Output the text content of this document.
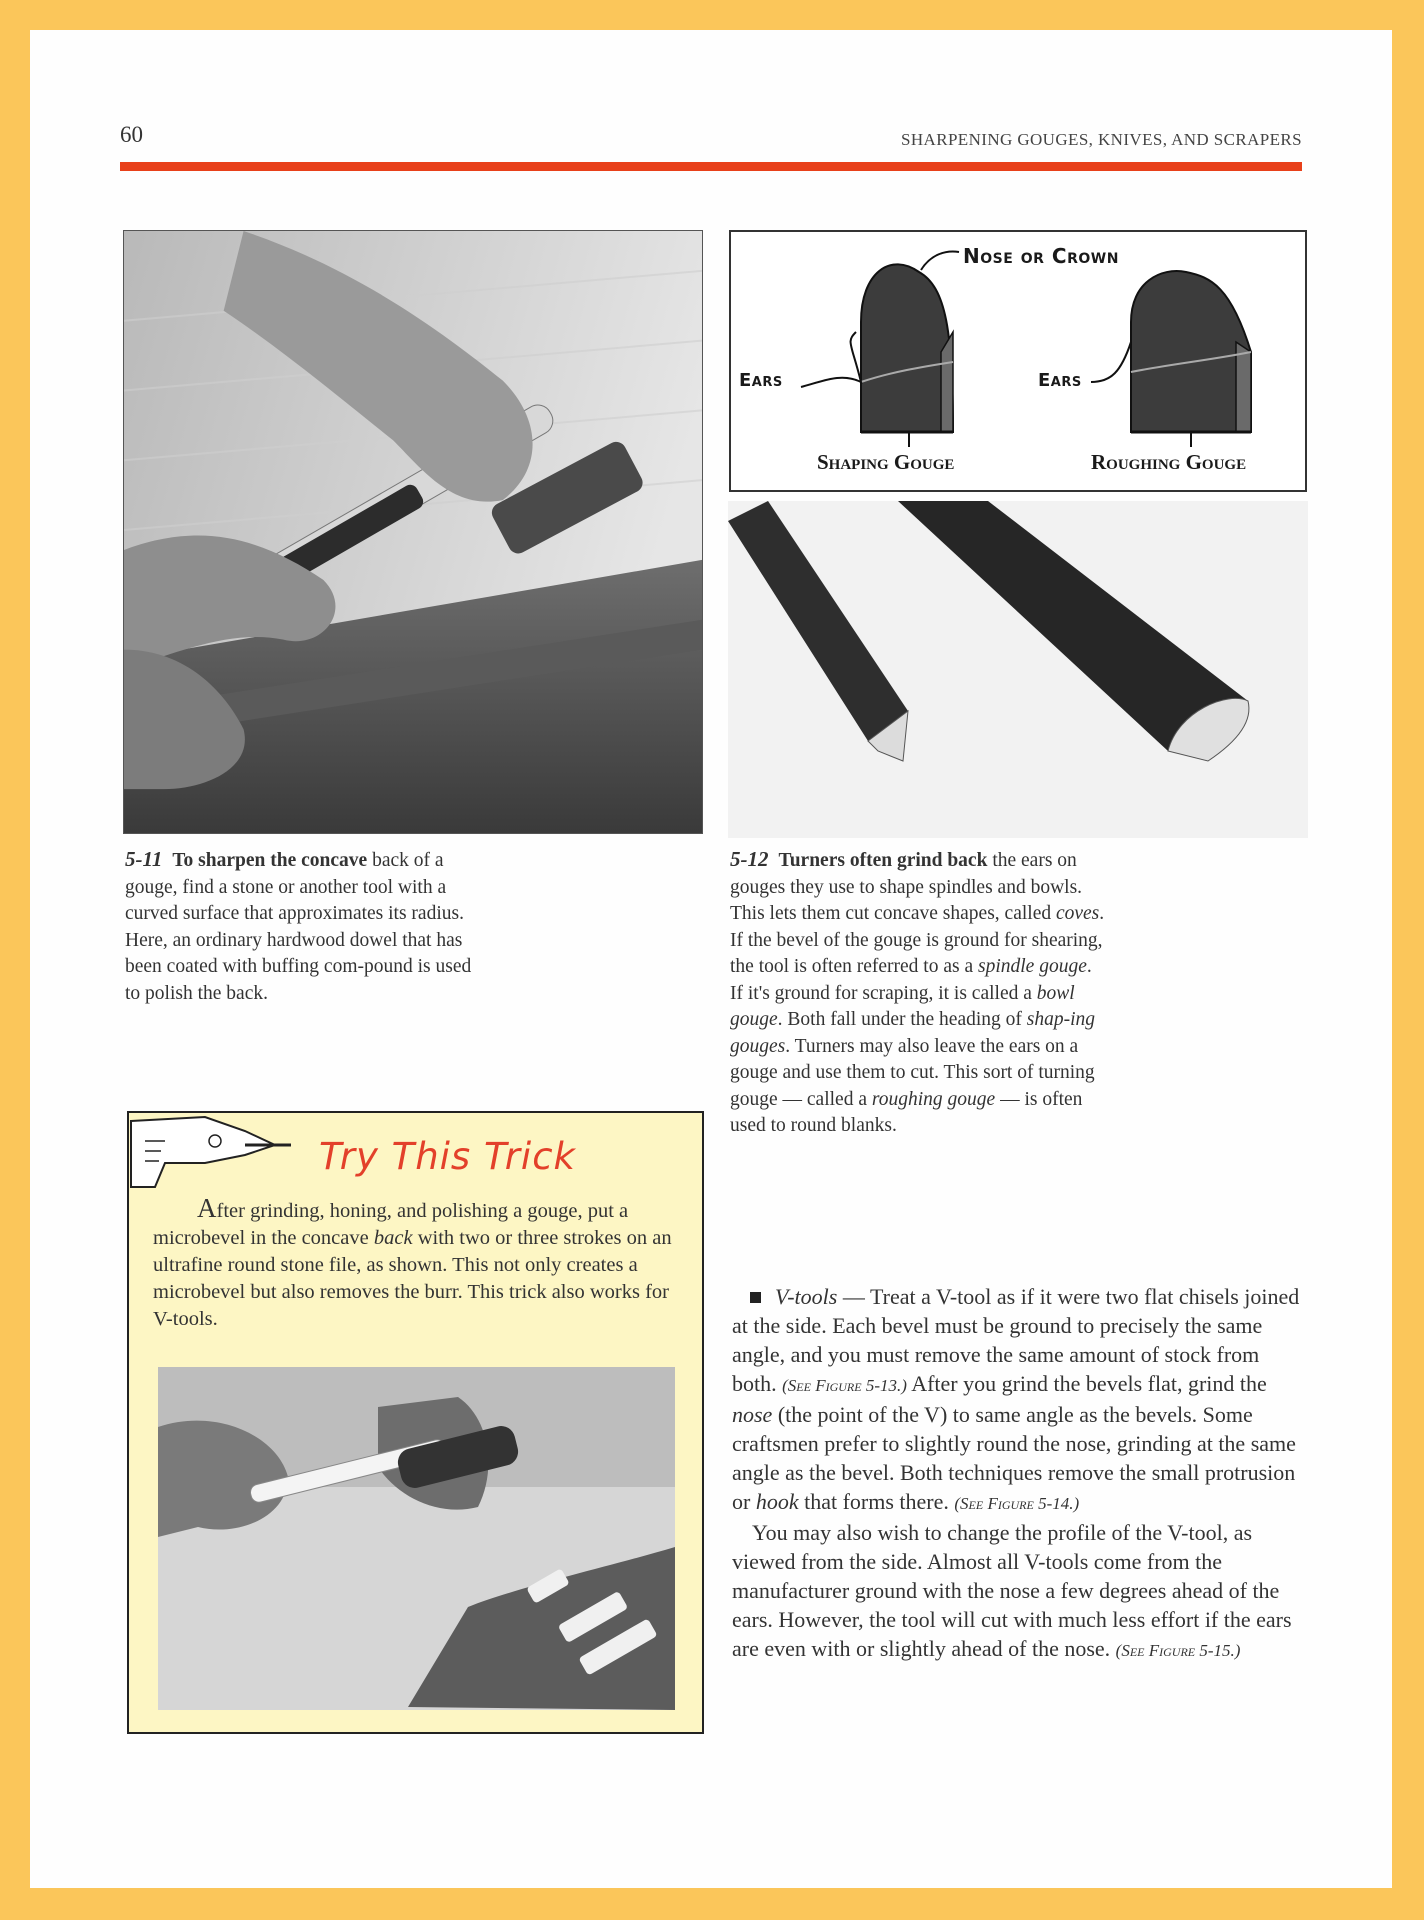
60	SHARPENING GOUGES, KNIVES, AND SCRAPERS
5-11 To sharpen the concave back of a gouge, find a stone or another tool with a curved surface that approximates its radius. Here, an ordinary hardwood dowel that has been coated with buffing com-pound is used to polish the back.
Nose or Crown
Ears	Ears
Shaping Gouge	Roughing Gouge
5-12 Turners often grind back the ears on gouges they use to shape spindles and bowls. This lets them cut concave shapes, called coves. If the bevel of the gouge is ground for shearing, the tool is often referred to as a spindle gouge. If it's ground for scraping, it is called a bowl gouge. Both fall under the heading of shap-ing gouges. Turners may also leave the ears on a gouge and use them to cut. This sort of turning gouge — called a roughing gouge — is often used to round blanks.
Try This Trick
After grinding, honing, and polishing a gouge, put a microbevel in the concave back with two or three strokes on an ultrafine round stone file, as shown. This not only creates a microbevel but also removes the burr. This trick also works for V-tools.

V-tools — Treat a V-tool as if it were two flat chisels joined at the side. Each bevel must be ground to precisely the same angle, and you must remove the same amount of stock from both. (See Figure 5-13.) After you grind the bevels flat, grind the nose (the point of the V) to same angle as the bevels. Some craftsmen prefer to slightly round the nose, grinding at the same angle as the bevel. Both techniques remove the small protrusion or hook that forms there. (See Figure 5-14.)

You may also wish to change the profile of the V-tool, as viewed from the side. Almost all V-tools come from the manufacturer ground with the nose a few degrees ahead of the ears. However, the tool will cut with much less effort if the ears are even with or slightly ahead of the nose. (See Figure 5-15.)
